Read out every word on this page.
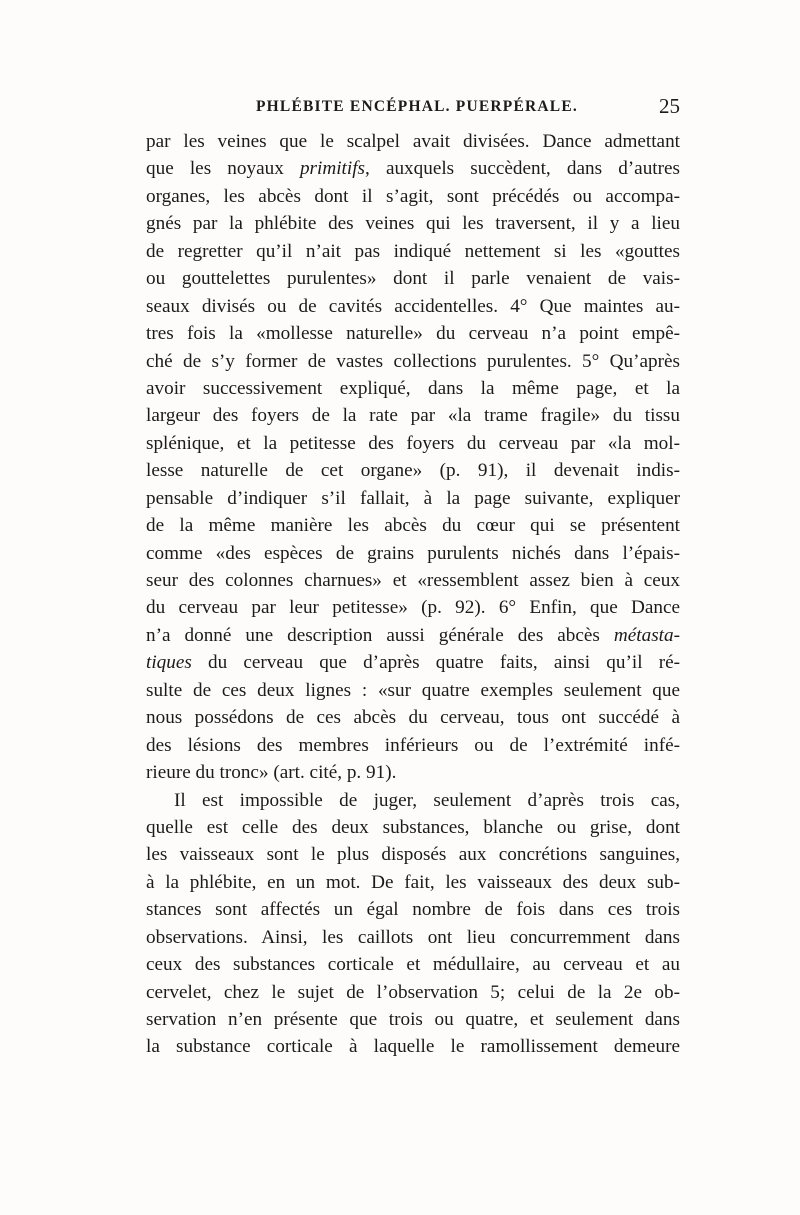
PHLÉBITE ENCÉPHAL. PUERPÉRALE.	25
par les veines que le scalpel avait divisées. Dance admettant
que les noyaux primitifs, auxquels succèdent, dans d’autres
organes, les abcès dont il s’agit, sont précédés ou accompa-
gnés par la phlébite des veines qui les traversent, il y a lieu
de regretter qu’il n’ait pas indiqué nettement si les «gouttes
ou gouttelettes purulentes» dont il parle venaient de vais-
seaux divisés ou de cavités accidentelles. 4° Que maintes au-
tres fois la «mollesse naturelle» du cerveau n’a point empê-
ché de s’y former de vastes collections purulentes. 5° Qu’après
avoir successivement expliqué, dans la même page, et la
largeur des foyers de la rate par «la trame fragile» du tissu
splénique, et la petitesse des foyers du cerveau par «la mol-
lesse naturelle de cet organe» (p. 91), il devenait indis-
pensable d’indiquer s’il fallait, à la page suivante, expliquer
de la même manière les abcès du cœur qui se présentent
comme «des espèces de grains purulents nichés dans l’épais-
seur des colonnes charnues» et «ressemblent assez bien à ceux
du cerveau par leur petitesse» (p. 92). 6° Enfin, que Dance
n’a donné une description aussi générale des abcès métasta-
tiques du cerveau que d’après quatre faits, ainsi qu’il ré-
sulte de ces deux lignes : «sur quatre exemples seulement que
nous possédons de ces abcès du cerveau, tous ont succédé à
des lésions des membres inférieurs ou de l’extrémité infé-
rieure du tronc» (art. cité, p. 91).
Il est impossible de juger, seulement d’après trois cas,
quelle est celle des deux substances, blanche ou grise, dont
les vaisseaux sont le plus disposés aux concrétions sanguines,
à la phlébite, en un mot. De fait, les vaisseaux des deux sub-
stances sont affectés un égal nombre de fois dans ces trois
observations. Ainsi, les caillots ont lieu concurremment dans
ceux des substances corticale et médullaire, au cerveau et au
cervelet, chez le sujet de l’observation 5; celui de la 2e ob-
servation n’en présente que trois ou quatre, et seulement dans
la substance corticale à laquelle le ramollissement demeure
